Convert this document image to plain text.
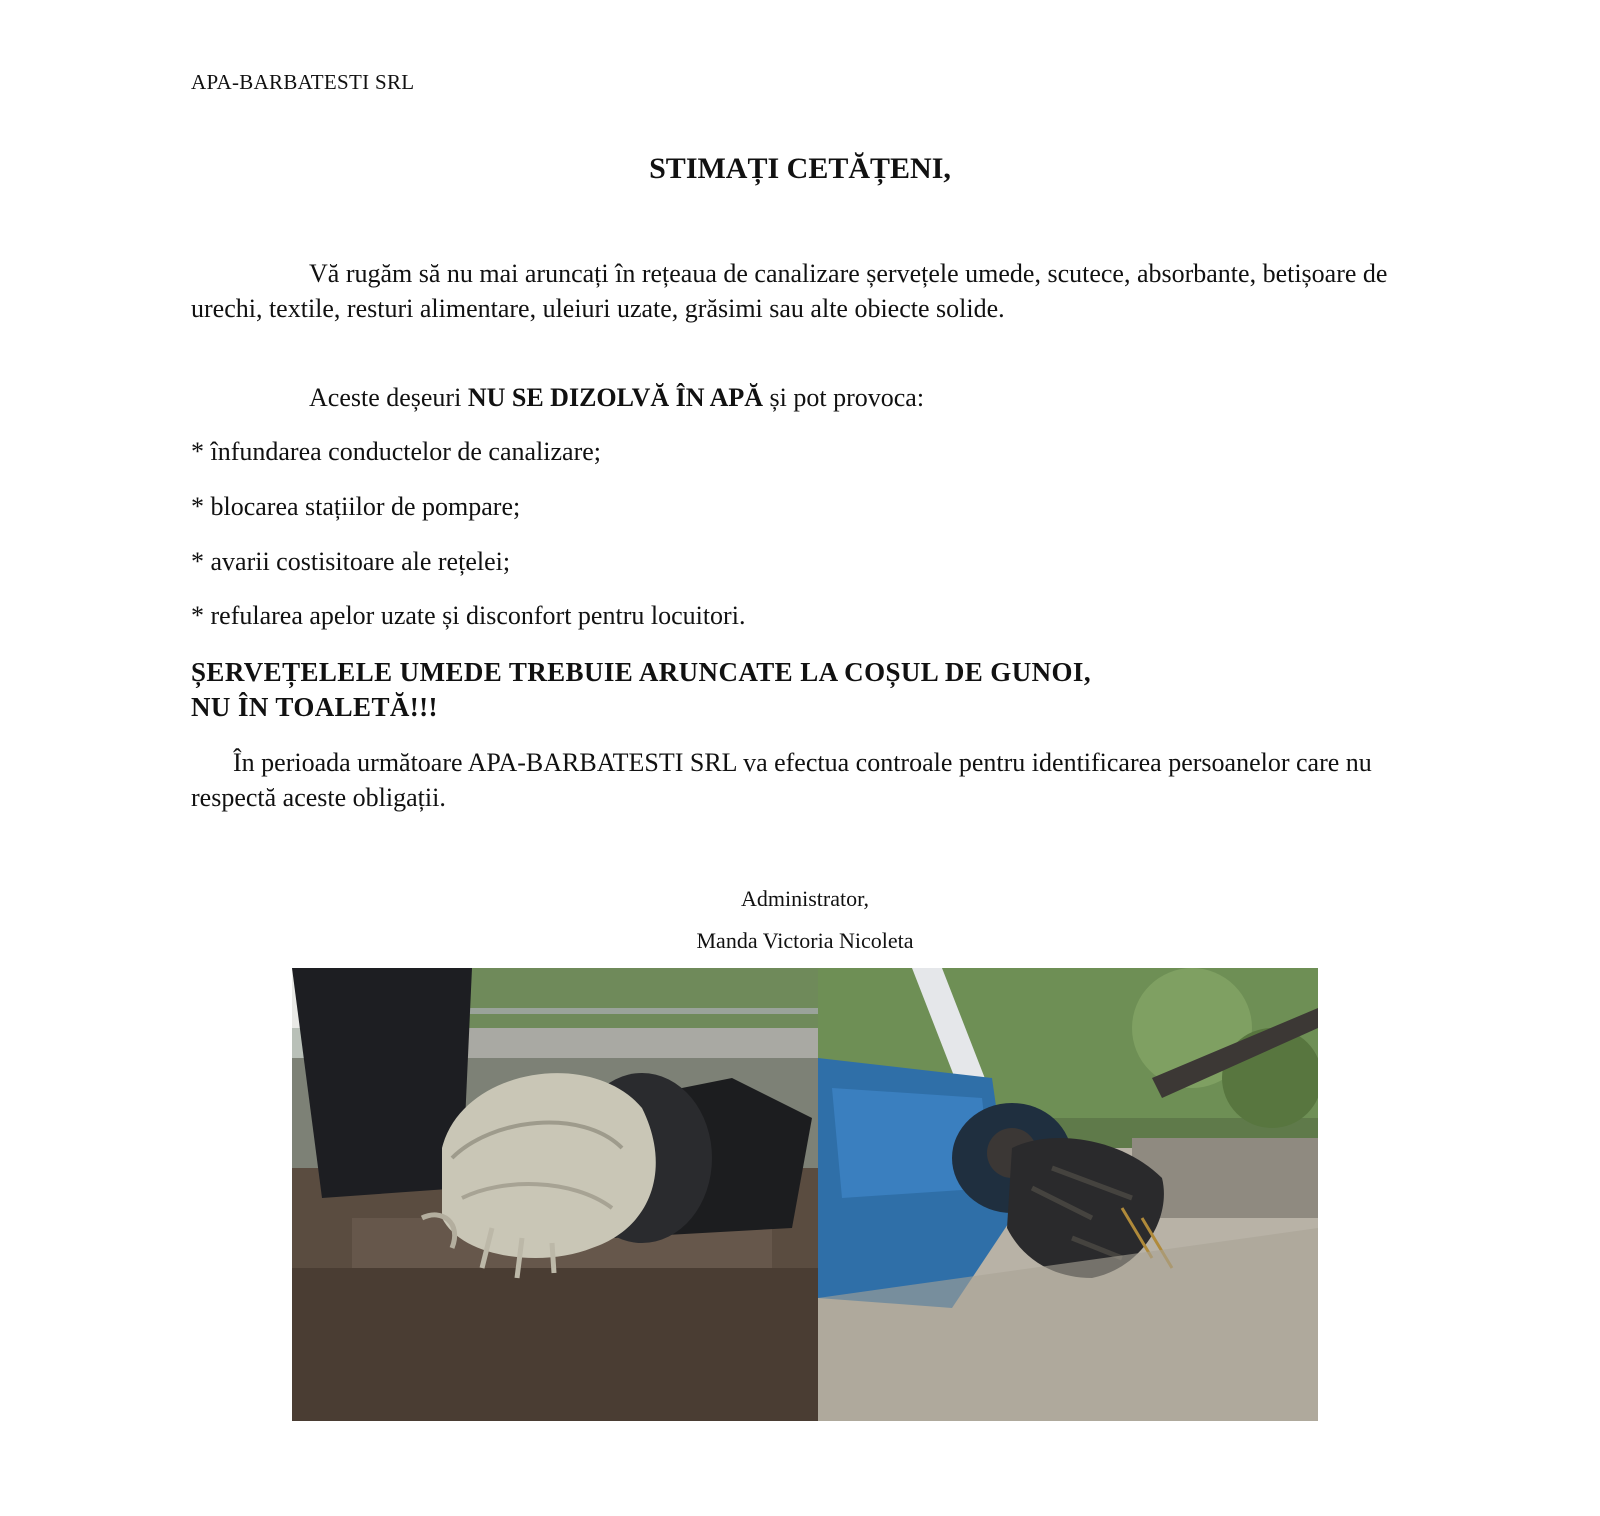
APA-BARBATESTI SRL
STIMAȚI CETĂȚENI,
Vă rugăm să nu mai aruncați în rețeaua de canalizare șervețele umede, scutece, absorbante, betișoare de urechi, textile, resturi alimentare, uleiuri uzate, grăsimi sau alte obiecte solide.
Aceste deșeuri NU SE DIZOLVĂ ÎN APĂ și pot provoca:
* înfundarea conductelor de canalizare;
* blocarea stațiilor de pompare;
* avarii costisitoare ale rețelei;
* refularea apelor uzate și disconfort pentru locuitori.
ȘERVEȚELELE UMEDE TREBUIE ARUNCATE LA COȘUL DE GUNOI,
NU ÎN TOALETĂ!!!
În perioada următoare APA-BARBATESTI SRL va efectua controale pentru identificarea persoanelor care nu respectă aceste obligații.
Administrator,
Manda Victoria Nicoleta
